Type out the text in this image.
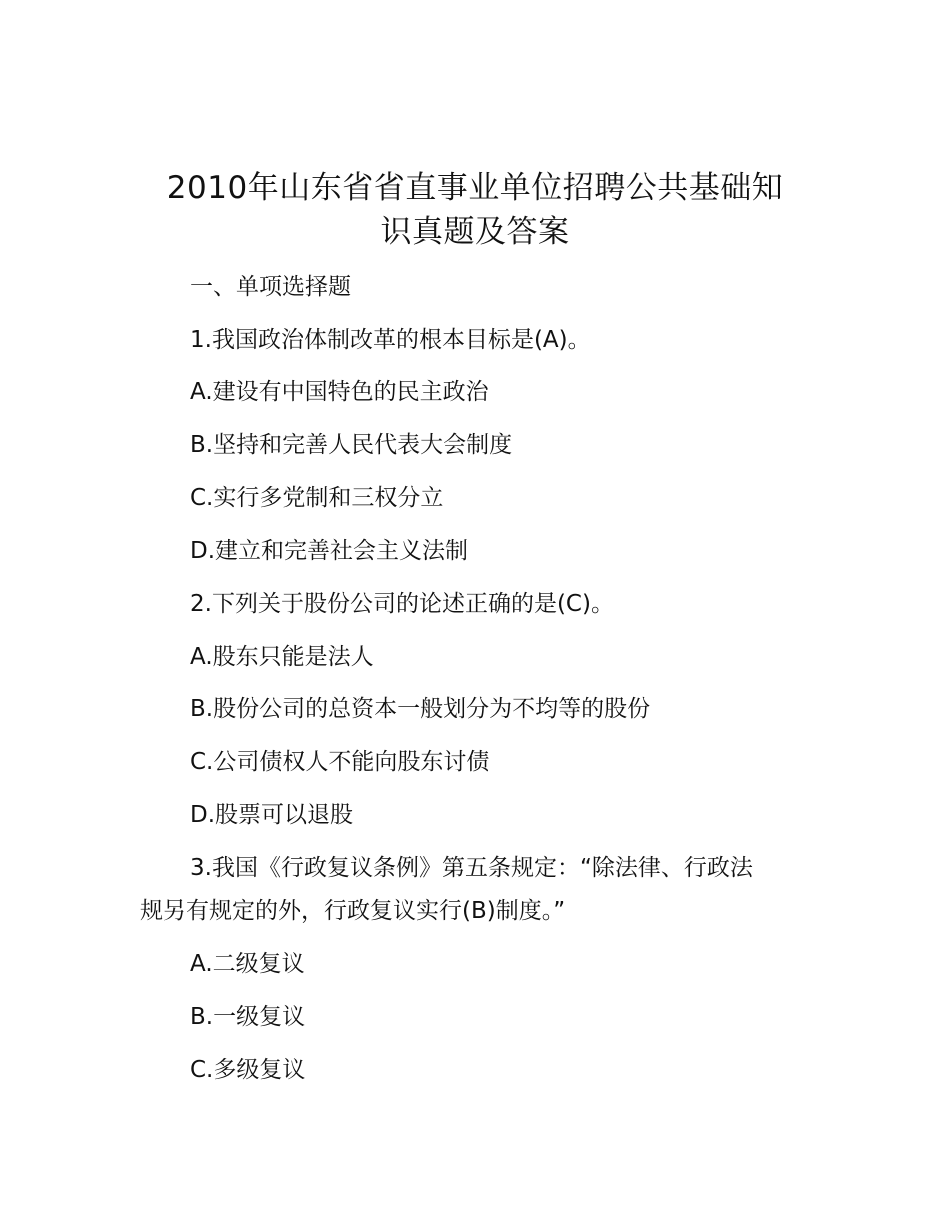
2010年山东省省直事业单位招聘公共基础知
识真题及答案
一、单项选择题
1.我国政治体制改革的根本目标是(A)。
A.建设有中国特色的民主政治
B.坚持和完善人民代表大会制度
C.实行多党制和三权分立
D.建立和完善社会主义法制
2.下列关于股份公司的论述正确的是(C)。
A.股东只能是法人
B.股份公司的总资本一般划分为不均等的股份
C.公司债权人不能向股东讨债
D.股票可以退股
3.我国《行政复议条例》第五条规定：“除法律、行政法
规另有规定的外，行政复议实行(B)制度。”
A.二级复议
B.一级复议
C.多级复议
